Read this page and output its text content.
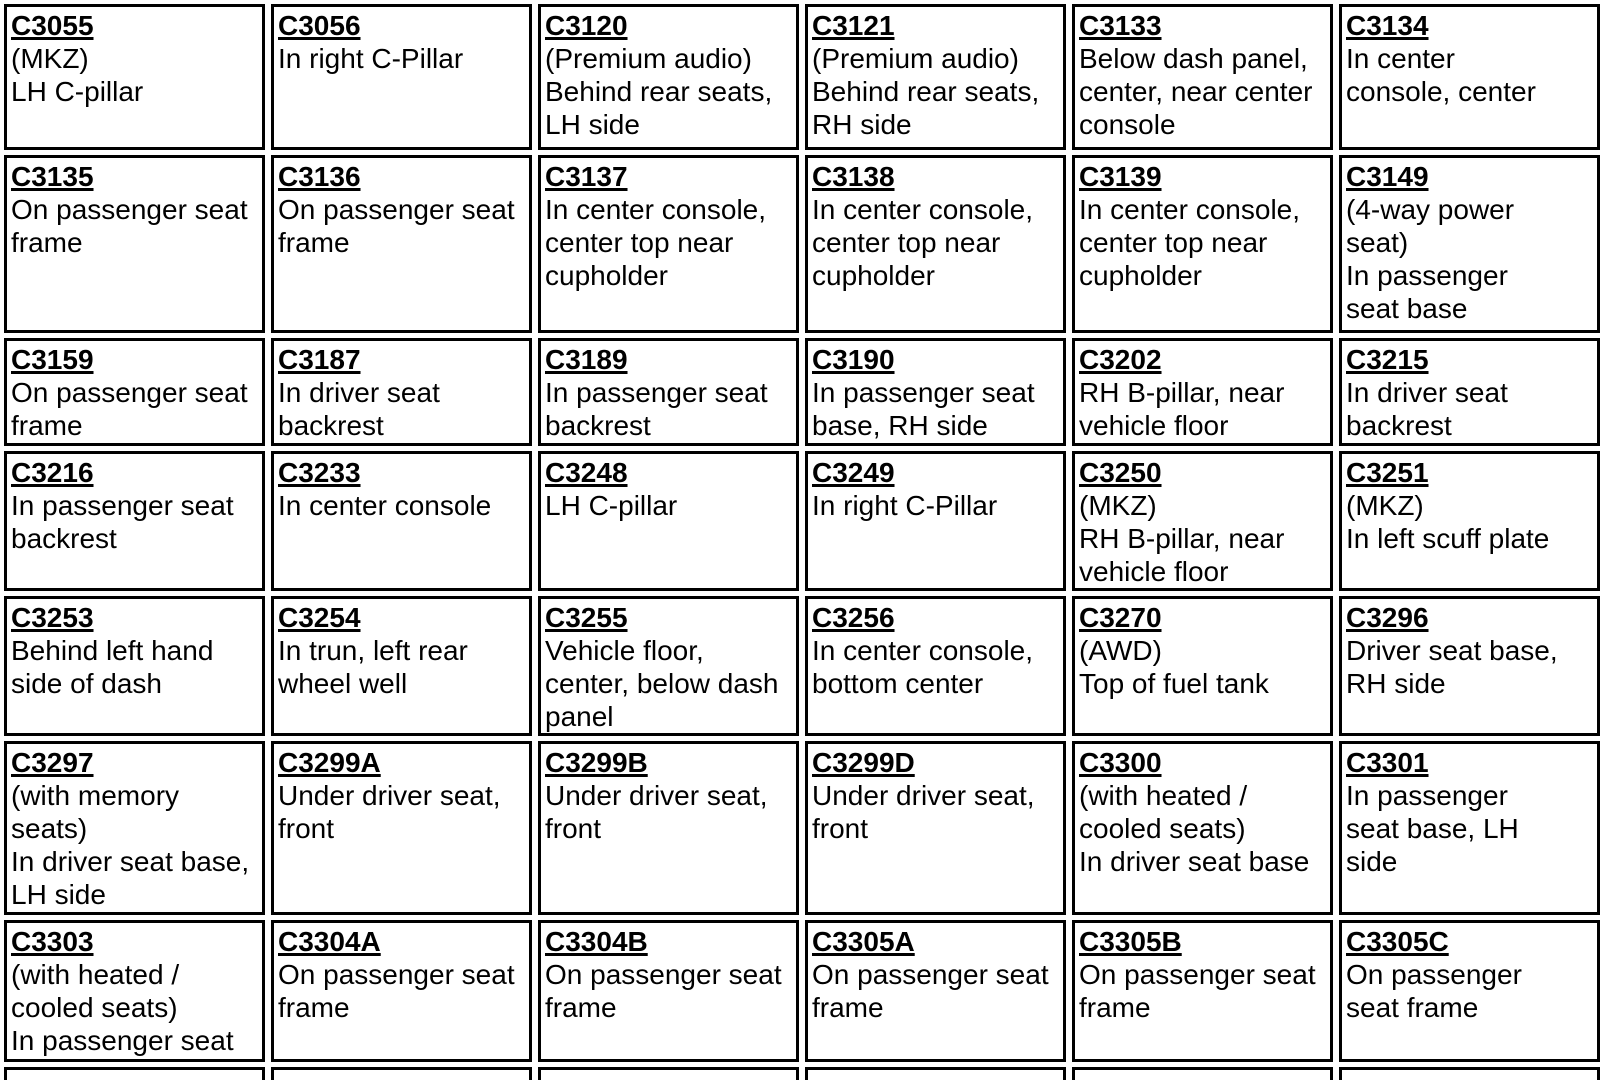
C3055
(MKZ)
LH C-pillar	C3056
In right C-Pillar	C3120
(Premium audio)
Behind rear seats,
LH side	C3121
(Premium audio)
Behind rear seats,
RH side	C3133
Below dash panel,
center, near center
console	C3134
In center
console, center

C3135
On passenger seat
frame	C3136
On passenger seat
frame	C3137
In center console,
center top near
cupholder	C3138
In center console,
center top near
cupholder	C3139
In center console,
center top near
cupholder	C3149
(4-way power
seat)
In passenger
seat base

C3159
On passenger seat
frame	C3187
In driver seat
backrest	C3189
In passenger seat
backrest	C3190
In passenger seat
base, RH side	C3202
RH B-pillar, near
vehicle floor	C3215
In driver seat
backrest

C3216
In passenger seat
backrest	C3233
In center console	C3248
LH C-pillar	C3249
In right C-Pillar	C3250
(MKZ)
RH B-pillar, near
vehicle floor	C3251
(MKZ)
In left scuff plate

C3253
Behind left hand
side of dash	C3254
In trun, left rear
wheel well	C3255
Vehicle floor,
center, below dash
panel	C3256
In center console,
bottom center	C3270
(AWD)
Top of fuel tank	C3296
Driver seat base,
RH side

C3297
(with memory
seats)
In driver seat base,
LH side	C3299A
Under driver seat,
front	C3299B
Under driver seat,
front	C3299D
Under driver seat,
front	C3300
(with heated /
cooled seats)
In driver seat base	C3301
In passenger
seat base, LH
side

C3303
(with heated /
cooled seats)
In passenger seat	C3304A
On passenger seat
frame	C3304B
On passenger seat
frame	C3305A
On passenger seat
frame	C3305B
On passenger seat
frame	C3305C
On passenger
seat frame
